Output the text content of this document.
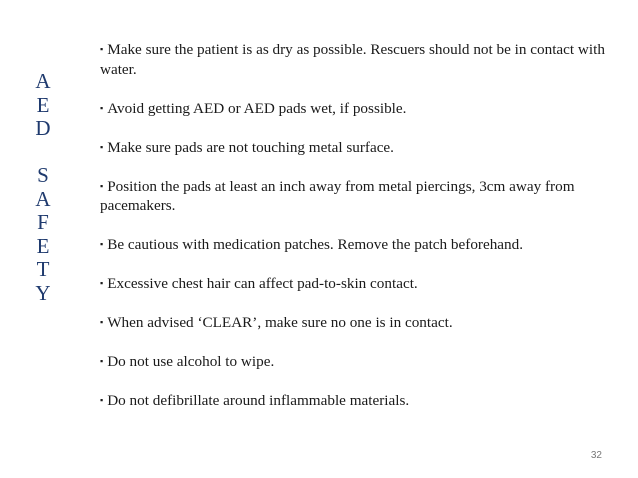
A
E
D
S
A
F
E
T
Y
▪ Make sure the patient is as dry as possible. Rescuers should not be in contact with water.
▪ Avoid getting AED or AED pads wet, if possible.
▪ Make sure pads are not touching metal surface.
▪ Position the pads at least an inch away from metal piercings, 3cm away from pacemakers.
▪ Be cautious with medication patches. Remove the patch beforehand.
▪ Excessive chest hair can affect pad-to-skin contact.
▪ When advised ‘CLEAR’, make sure no one is in contact.
▪ Do not use alcohol to wipe.
▪ Do not defibrillate around inflammable materials.
32
